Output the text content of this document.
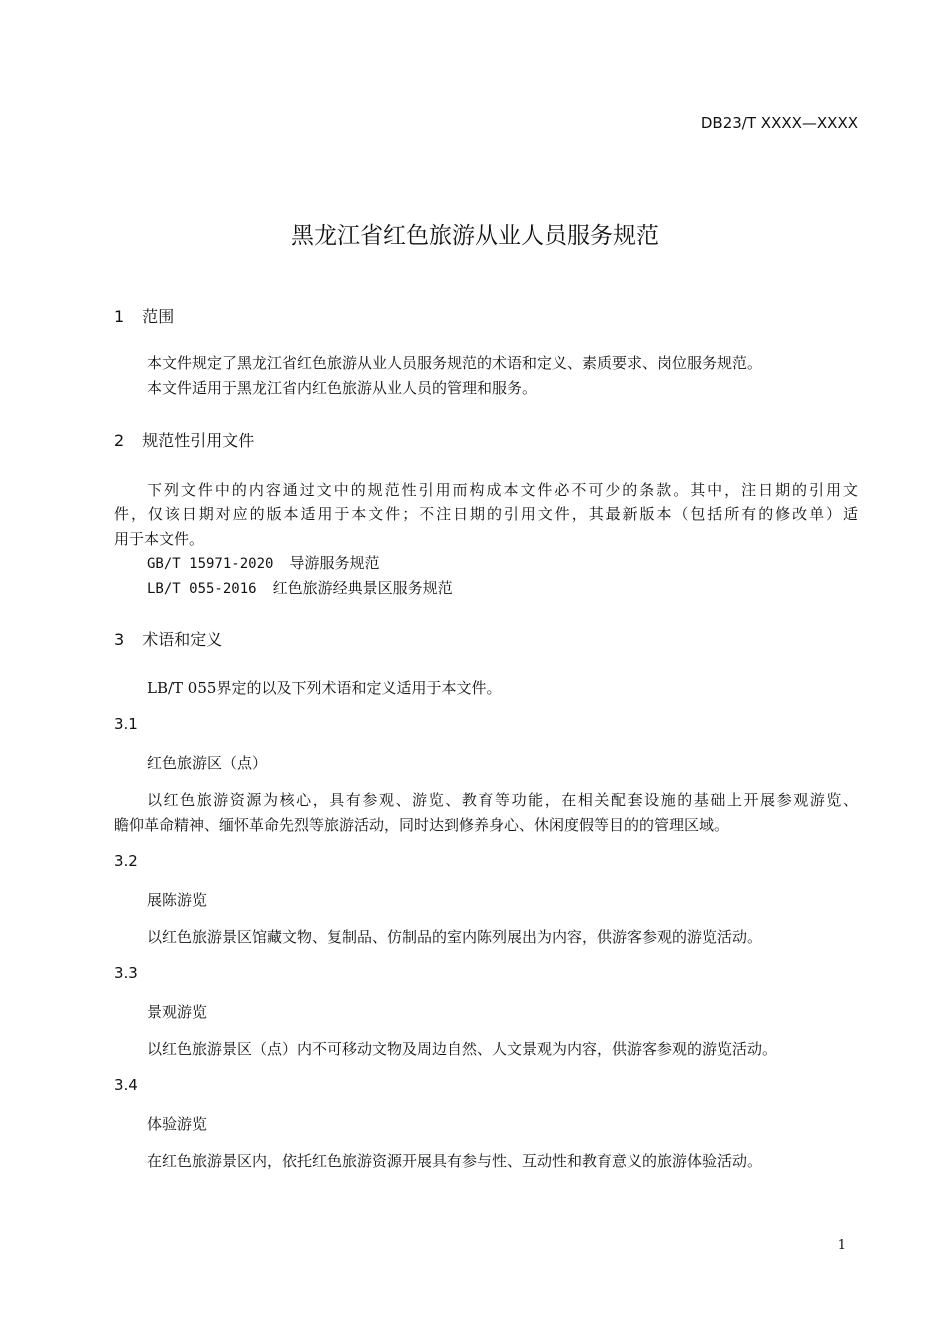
DB23/T XXXX—XXXX
黑龙江省红色旅游从业人员服务规范
1 范围
本文件规定了黑龙江省红色旅游从业人员服务规范的术语和定义、素质要求、岗位服务规范。
本文件适用于黑龙江省内红色旅游从业人员的管理和服务。
2 规范性引用文件
下列文件中的内容通过文中的规范性引用而构成本文件必不可少的条款。其中，注日期的引用文
件，仅该日期对应的版本适用于本文件；不注日期的引用文件，其最新版本（包括所有的修改单）适
用于本文件。
GB/T 15971-2020 导游服务规范
LB/T 055-2016 红色旅游经典景区服务规范
3 术语和定义
LB/T 055界定的以及下列术语和定义适用于本文件。
3.1
红色旅游区（点）
以红色旅游资源为核心，具有参观、游览、教育等功能，在相关配套设施的基础上开展参观游览、
瞻仰革命精神、缅怀革命先烈等旅游活动，同时达到修养身心、休闲度假等目的的管理区域。
3.2
展陈游览
以红色旅游景区馆藏文物、复制品、仿制品的室内陈列展出为内容，供游客参观的游览活动。
3.3
景观游览
以红色旅游景区（点）内不可移动文物及周边自然、人文景观为内容，供游客参观的游览活动。
3.4
体验游览
在红色旅游景区内，依托红色旅游资源开展具有参与性、互动性和教育意义的旅游体验活动。
1
